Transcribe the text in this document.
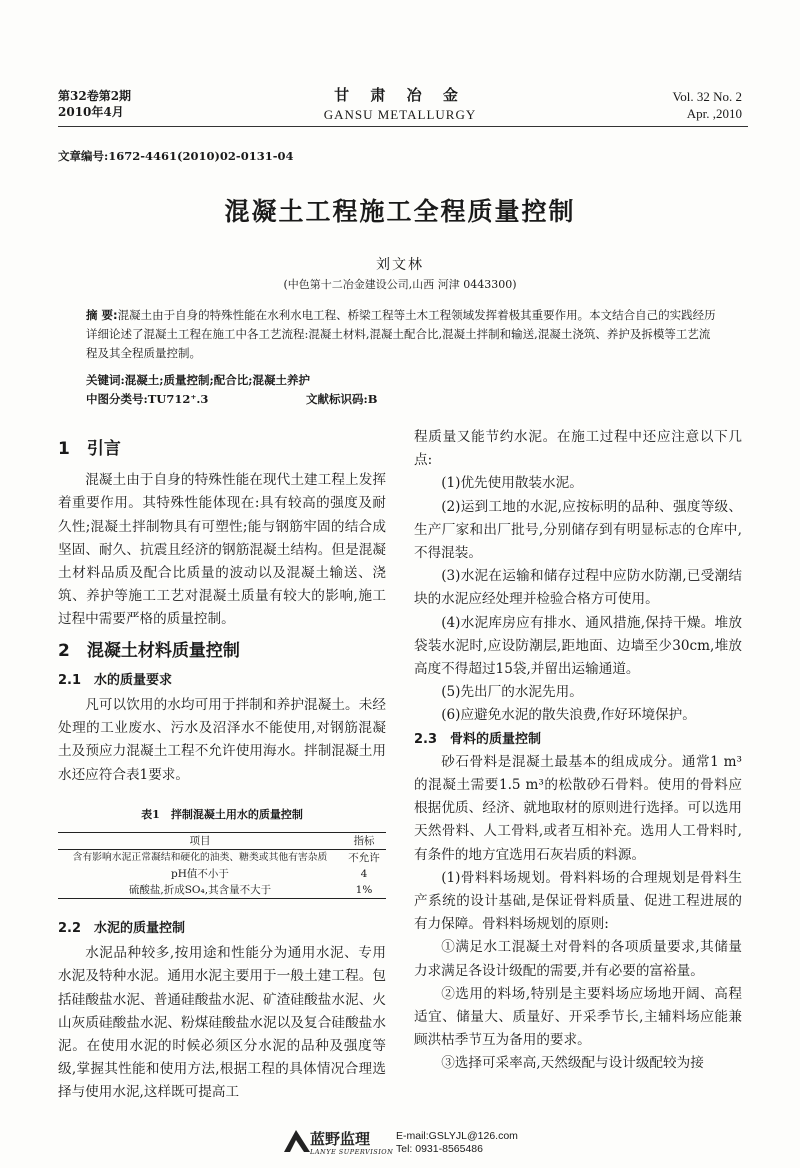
第32卷第2期
2010年4月
甘 肃 冶 金
GANSU METALLURGY
Vol. 32 No. 2
Apr. ,2010
文章编号:1672-4461(2010)02-0131-04
混凝土工程施工全程质量控制
刘文林
(中色第十二冶金建设公司,山西 河津 0443300)
摘 要:混凝土由于自身的特殊性能在水利水电工程、桥梁工程等土木工程领域发挥着极其重要作用。本文结合自己的实践经历详细论述了混凝土工程在施工中各工艺流程:混凝土材料,混凝土配合比,混凝土拌制和输送,混凝土浇筑、养护及拆模等工艺流程及其全程质量控制。
关键词:混凝土;质量控制;配合比;混凝土养护
中图分类号:TU712⁺.3	文献标识码:B
1　引言

混凝土由于自身的特殊性能在现代土建工程上发挥着重要作用。其特殊性能体现在:具有较高的强度及耐久性;混凝土拌制物具有可塑性;能与钢筋牢固的结合成坚固、耐久、抗震且经济的钢筋混凝土结构。但是混凝土材料品质及配合比质量的波动以及混凝土输送、浇筑、养护等施工工艺对混凝土质量有较大的影响,施工过程中需要严格的质量控制。

2　混凝土材料质量控制
2.1　水的质量要求

凡可以饮用的水均可用于拌制和养护混凝土。未经处理的工业废水、污水及沼泽水不能使用,对钢筋混凝土及预应力混凝土工程不允许使用海水。拌制混凝土用水还应符合表1要求。

表1　拌制混凝土用水的质量控制
项目	指标
含有影响水泥正常凝结和硬化的油类、糖类或其他有害杂质	不允许
pH值不小于	4
硫酸盐,折成SO₄,其含量不大于	1%
2.2　水泥的质量控制

水泥品种较多,按用途和性能分为通用水泥、专用水泥及特种水泥。通用水泥主要用于一般土建工程。包括硅酸盐水泥、普通硅酸盐水泥、矿渣硅酸盐水泥、火山灰质硅酸盐水泥、粉煤硅酸盐水泥以及复合硅酸盐水泥。在使用水泥的时候必须区分水泥的品种及强度等级,掌握其性能和使用方法,根据工程的具体情况合理选择与使用水泥,这样既可提高工

程质量又能节约水泥。在施工过程中还应注意以下几点:

(1)优先使用散装水泥。

(2)运到工地的水泥,应按标明的品种、强度等级、生产厂家和出厂批号,分别储存到有明显标志的仓库中,不得混装。

(3)水泥在运输和储存过程中应防水防潮,已受潮结块的水泥应经处理并检验合格方可使用。

(4)水泥库房应有排水、通风措施,保持干燥。堆放袋装水泥时,应设防潮层,距地面、边墙至少30cm,堆放高度不得超过15袋,并留出运输通道。

(5)先出厂的水泥先用。

(6)应避免水泥的散失浪费,作好环境保护。

2.3　骨料的质量控制

砂石骨料是混凝土最基本的组成成分。通常1 m³的混凝土需要1.5 m³的松散砂石骨料。使用的骨料应根据优质、经济、就地取材的原则进行选择。可以选用天然骨料、人工骨料,或者互相补充。选用人工骨料时,有条件的地方宜选用石灰岩质的料源。

(1)骨料料场规划。骨料料场的合理规划是骨料生产系统的设计基础,是保证骨料质量、促进工程进展的有力保障。骨料料场规划的原则:

①满足水工混凝土对骨料的各项质量要求,其储量力求满足各设计级配的需要,并有必要的富裕量。

②选用的料场,特别是主要料场应场地开阔、高程适宜、储量大、质量好、开采季节长,主辅料场应能兼顾洪枯季节互为备用的要求。

③选择可采率高,天然级配与设计级配较为接

蓝野监理
LANYE SUPERVISION
E-mail:GSLYJL@126.com
Tel: 0931-8565486
